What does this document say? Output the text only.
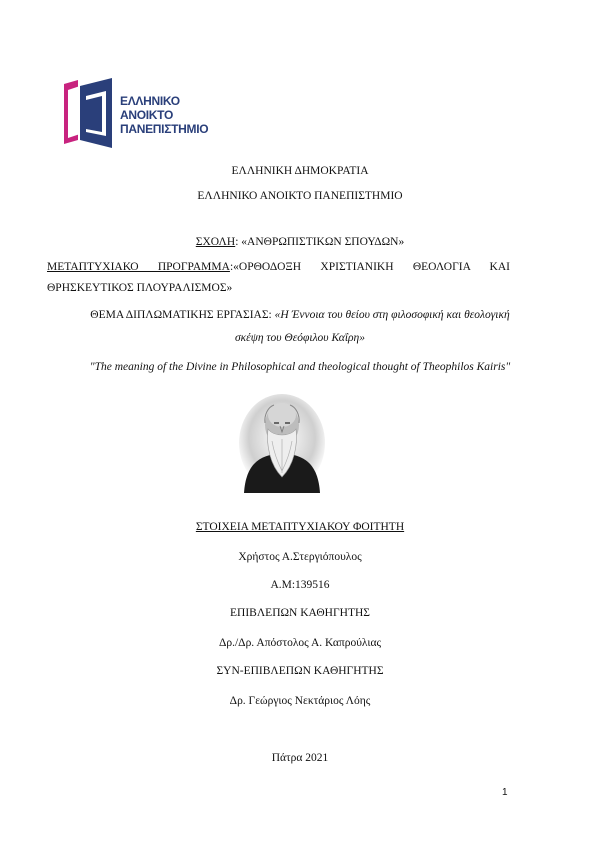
ΕΛΛΗΝΙΚΟ
ΑΝΟΙΚΤΟ
ΠΑΝΕΠΙΣΤΗΜΙΟ
ΕΛΛΗΝΙΚΗ ΔΗΜΟΚΡΑΤΙΑ
ΕΛΛΗΝΙΚΟ ΑΝΟΙΚΤΟ ΠΑΝΕΠΙΣΤΗΜΙΟ
ΣΧΟΛΗ: «ΑΝΘΡΩΠΙΣΤΙΚΩΝ ΣΠΟΥΔΩΝ»
ΜΕΤΑΠΤΥΧΙΑΚΟ ΠΡΟΓΡΑΜΜΑ:«ΟΡΘΟΔΟΞΗ ΧΡΙΣΤΙΑΝΙΚΗ ΘΕΟΛΟΓΙΑ ΚΑΙ
ΘΡΗΣΚΕΥΤΙΚΟΣ ΠΛΟΥΡΑΛΙΣΜΟΣ»
ΘΕΜΑ ΔΙΠΛΩΜΑΤΙΚΗΣ ΕΡΓΑΣΙΑΣ: «Η Έννοια του θείου στη φιλοσοφική και θεολογική
σκέψη του Θεόφιλου Καΐρη»
"The meaning of the Divine in Philosophical and theological thought of Theophilos Kairis"
ΣΤΟΙΧΕΙΑ ΜΕΤΑΠΤΥΧΙΑΚΟΥ ΦΟΙΤΗΤΗ
Χρήστος Α.Στεργιόπουλος
Α.Μ:139516
ΕΠΙΒΛΕΠΩΝ ΚΑΘΗΓΗΤΗΣ
Δρ./Δρ. Απόστολος Α. Καπρούλιας
ΣΥΝ-ΕΠΙΒΛΕΠΩΝ ΚΑΘΗΓΗΤΗΣ
Δρ. Γεώργιος Νεκτάριος Λόης
Πάτρα 2021
1
